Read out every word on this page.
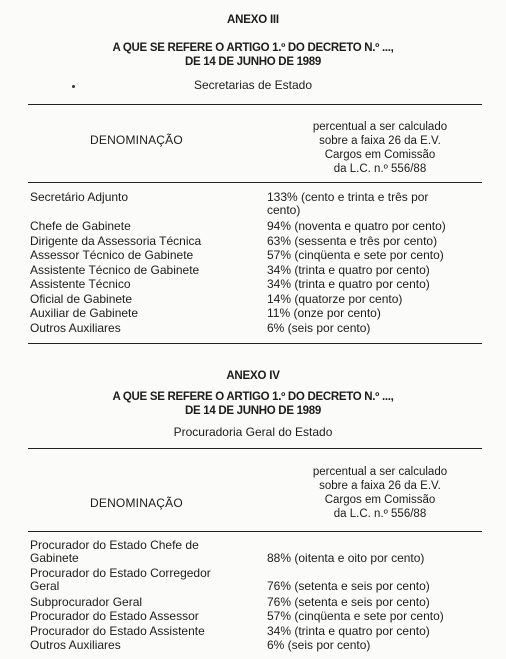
ANEXO III
A QUE SE REFERE O ARTIGO 1.º DO DECRETO N.º ...,
DE 14 DE JUNHO DE 1989
Secretarias de Estado
DENOMINAÇÃO
percentual a ser calculado
sobre a faixa 26 da E.V.
Cargos em Comissão
da L.C. n.º 556/88
Secretário Adjunto	133% (cento e trinta e três por
cento)
Chefe de Gabinete	94% (noventa e quatro por cento)
Dirigente da Assessoria Técnica	63% (sessenta e três por cento)
Assessor Técnico de Gabinete	57% (cinqüenta e sete por cento)
Assistente Técnico de Gabinete	34% (trinta e quatro por cento)
Assistente Técnico	34% (trinta e quatro por cento)
Oficial de Gabinete	14% (quatorze por cento)
Auxiliar de Gabinete	11% (onze por cento)
Outros Auxiliares	6% (seis por cento)
ANEXO IV
A QUE SE REFERE O ARTIGO 1.º DO DECRETO N.º ...,
DE 14 DE JUNHO DE 1989
Procuradoria Geral do Estado
DENOMINAÇÃO
percentual a ser calculado
sobre a faixa 26 da E.V.
Cargos em Comissão
da L.C. n.º 556/88
Procurador do Estado Chefe de
Gabinete	
88% (oitenta e oito por cento)
Procurador do Estado Corregedor
Geral	
76% (setenta e seis por cento)
Subprocurador Geral	76% (setenta e seis por cento)
Procurador do Estado Assessor	57% (cinqüenta e sete por cento)
Procurador do Estado Assistente	34% (trinta e quatro por cento)
Outros Auxiliares	6% (seis por cento)
